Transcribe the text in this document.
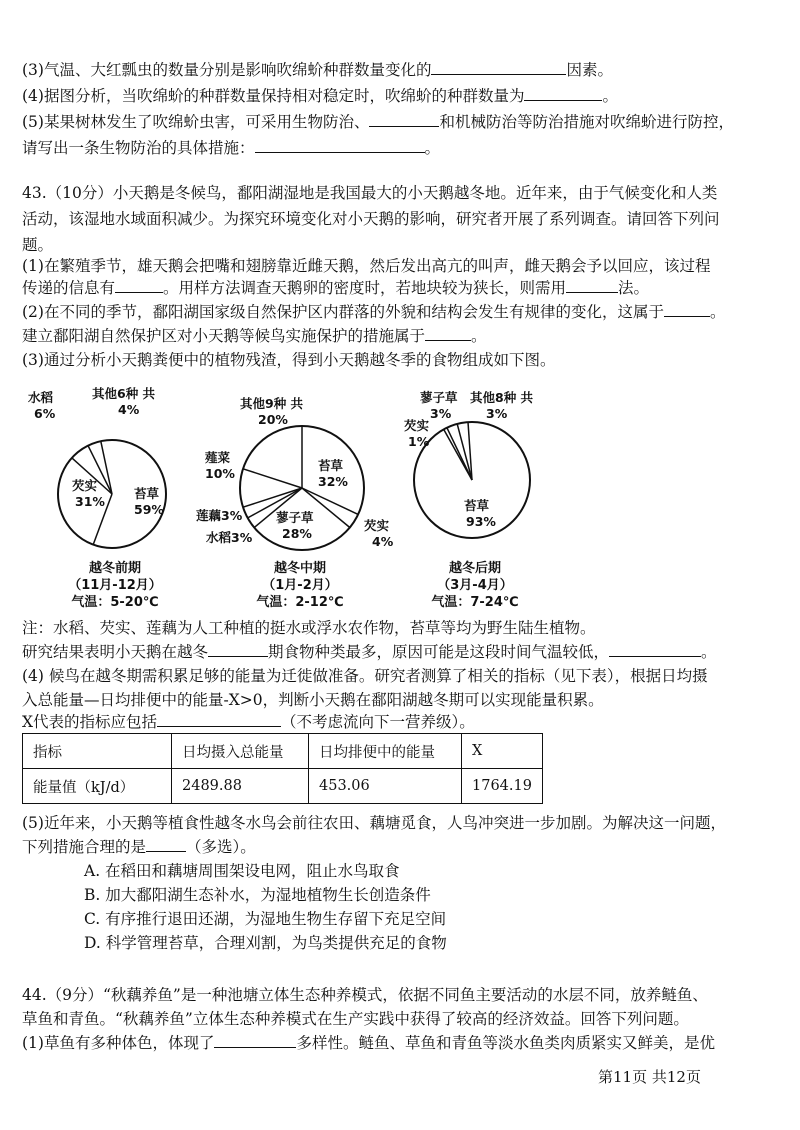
(3)气温、大红瓢虫的数量分别是影响吹绵蚧种群数量变化的	因素。
(4)据图分析，当吹绵蚧的种群数量保持相对稳定时，吹绵蚧的种群数量为	。
(5)某果树林发生了吹绵蚧虫害，可采用生物防治、	和机械防治等防治措施对吹绵蚧进行防控，
请写出一条生物防治的具体措施：	。
43.（10分）小天鹅是冬候鸟，鄱阳湖湿地是我国最大的小天鹅越冬地。近年来，由于气候变化和人类
活动，该湿地水域面积减少。为探究环境变化对小天鹅的影响，研究者开展了系列调查。请回答下列问
题。
(1)在繁殖季节，雄天鹅会把嘴和翅膀靠近雌天鹅，然后发出高亢的叫声，雌天鹅会予以回应，该过程
传递的信息有	。用样方法调查天鹅卵的密度时，若地块较为狭长，则需用	法。
(2)在不同的季节，鄱阳湖国家级自然保护区内群落的外貌和结构会发生有规律的变化，这属于	。
建立鄱阳湖自然保护区对小天鹅等候鸟实施保护的措施属于	。
(3)通过分析小天鹅粪便中的植物残渣，得到小天鹅越冬季的食物组成如下图。
水稻
6%
其他6种 共
4%
芡实
31%
苔草
59%
其他9种 共
20%
苔草
32%
薤菜
10%
莲藕3%
水稻3%
蓼子草
28%
芡实
4%
蓼子草
3%
其他8种 共
3%
芡实
1%
苔草
93%
越冬前期
（11月-12月）
气温：5-20℃
越冬中期
（1月-2月）
气温：2-12℃
越冬后期
（3月-4月）
气温：7-24℃
注：水稻、芡实、莲藕为人工种植的挺水或浮水农作物，苔草等均为野生陆生植物。
研究结果表明小天鹅在越冬	期食物种类最多，原因可能是这段时间气温较低，	。
(4) 候鸟在越冬期需积累足够的能量为迁徙做准备。研究者测算了相关的指标（见下表），根据日均摄
入总能量—日均排便中的能量-X>0，判断小天鹅在鄱阳湖越冬期可以实现能量积累。
X代表的指标应包括	（不考虑流向下一营养级）。
指标	日均摄入总能量	日均排便中的能量	X
能量值（kJ/d）	2489.88	453.06	1764.19
(5)近年来，小天鹅等植食性越冬水鸟会前往农田、藕塘觅食，人鸟冲突进一步加剧。为解决这一问题，
下列措施合理的是	（多选）。
A. 在稻田和藕塘周围架设电网，阻止水鸟取食
B. 加大鄱阳湖生态补水，为湿地植物生长创造条件
C. 有序推行退田还湖，为湿地生物生存留下充足空间
D. 科学管理苔草，合理刈割，为鸟类提供充足的食物
44.（9分）“秋藕养鱼”是一种池塘立体生态种养模式，依据不同鱼主要活动的水层不同，放养鲢鱼、
草鱼和青鱼。“秋藕养鱼”立体生态种养模式在生产实践中获得了较高的经济效益。回答下列问题。
(1)草鱼有多种体色，体现了	多样性。鲢鱼、草鱼和青鱼等淡水鱼类肉质紧实又鲜美，是优
第11页 共12页
